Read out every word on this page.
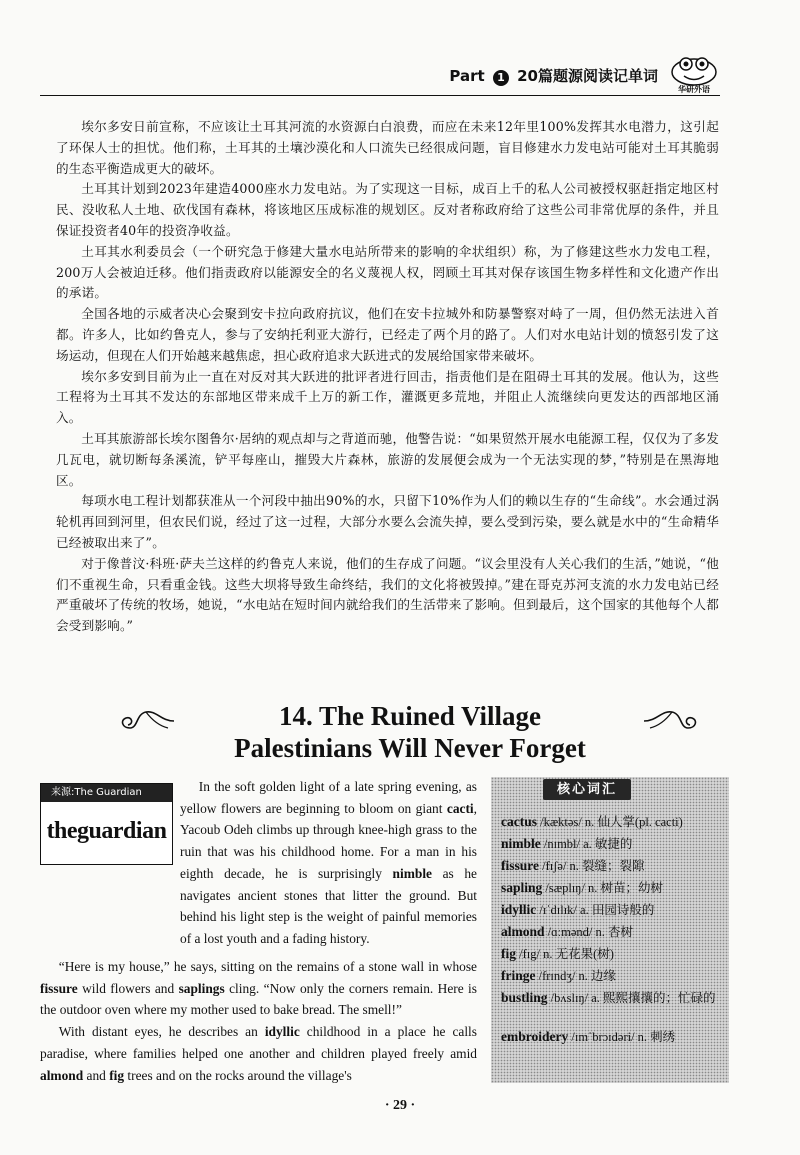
Part 1 20篇题源阅读记单词
华研外语

埃尔多安日前宣称，不应该让土耳其河流的水资源白白浪费，而应在未来12年里100%发挥其水电潜力，这引起了环保人士的担忧。他们称，土耳其的土壤沙漠化和人口流失已经很成问题，盲目修建水力发电站可能对土耳其脆弱的生态平衡造成更大的破坏。

土耳其计划到2023年建造4000座水力发电站。为了实现这一目标，成百上千的私人公司被授权驱赶指定地区村民、没收私人土地、砍伐国有森林，将该地区压成标准的规划区。反对者称政府给了这些公司非常优厚的条件，并且保证投资者40年的投资净收益。

土耳其水利委员会（一个研究急于修建大量水电站所带来的影响的伞状组织）称，为了修建这些水力发电工程，200万人会被迫迁移。他们指责政府以能源安全的名义蔑视人权，罔顾土耳其对保存该国生物多样性和文化遗产作出的承诺。

全国各地的示威者决心会聚到安卡拉向政府抗议，他们在安卡拉城外和防暴警察对峙了一周，但仍然无法进入首都。许多人，比如约鲁克人，参与了安纳托利亚大游行，已经走了两个月的路了。人们对水电站计划的愤怒引发了这场运动，但现在人们开始越来越焦虑，担心政府追求大跃进式的发展给国家带来破坏。

埃尔多安到目前为止一直在对反对其大跃进的批评者进行回击，指责他们是在阻碍土耳其的发展。他认为，这些工程将为土耳其不发达的东部地区带来成千上万的新工作，灌溉更多荒地，并阻止人流继续向更发达的西部地区涌入。

土耳其旅游部长埃尔图鲁尔·居纳的观点却与之背道而驰，他警告说：“如果贸然开展水电能源工程，仅仅为了多发几瓦电，就切断每条溪流，铲平每座山，摧毁大片森林，旅游的发展便会成为一个无法实现的梦，”特别是在黑海地区。

每项水电工程计划都获准从一个河段中抽出90%的水，只留下10%作为人们的赖以生存的“生命线”。水会通过涡轮机再回到河里，但农民们说，经过了这一过程，大部分水要么会流失掉，要么受到污染，要么就是水中的“生命精华已经被取出来了”。

对于像普汶·科班·萨夫兰这样的约鲁克人来说，他们的生存成了问题。“议会里没有人关心我们的生活，”她说，“他们不重视生命，只看重金钱。这些大坝将导致生命终结，我们的文化将被毁掉。”建在哥克苏河支流的水力发电站已经严重破坏了传统的牧场，她说，“水电站在短时间内就给我们的生活带来了影响。但到最后，这个国家的其他每个人都会受到影响。”

14. The Ruined Village
Palestinians Will Never Forget
来源:The Guardian
theguardian

In the soft golden light of a late spring evening, as yellow flowers are beginning to bloom on giant cacti, Yacoub Odeh climbs up through knee-high grass to the ruin that was his childhood home. For a man in his eighth decade, he is surprisingly nimble as he navigates ancient stones that litter the ground. But behind his light step is the weight of painful memories of a lost youth and a fading history.

“Here is my house,” he says, sitting on the remains of a stone wall in whose fissure wild flowers and saplings cling. “Now only the corners remain. Here is the outdoor oven where my mother used to bake bread. The smell!”

With distant eyes, he describes an idyllic childhood in a place he calls paradise, where families helped one another and children played freely amid almond and fig trees and on the rocks around the village's

核心词汇
cactus /kæktəs/ n. 仙人掌(pl. cacti)
nimble /nɪmbl/ a. 敏捷的
fissure /fɪʃə/ n. 裂缝；裂隙
sapling /sæplɪŋ/ n. 树苗；幼树
idyllic /ɪˈdɪlɪk/ a. 田园诗般的
almond /ɑːmənd/ n. 杏树
fig /fɪg/ n. 无花果(树)
fringe /frɪndʒ/ n. 边缘
bustling /bʌslɪŋ/ a. 熙熙攘攘的；忙碌的
embroidery /ɪmˈbrɔɪdəri/ n. 刺绣
· 29 ·
